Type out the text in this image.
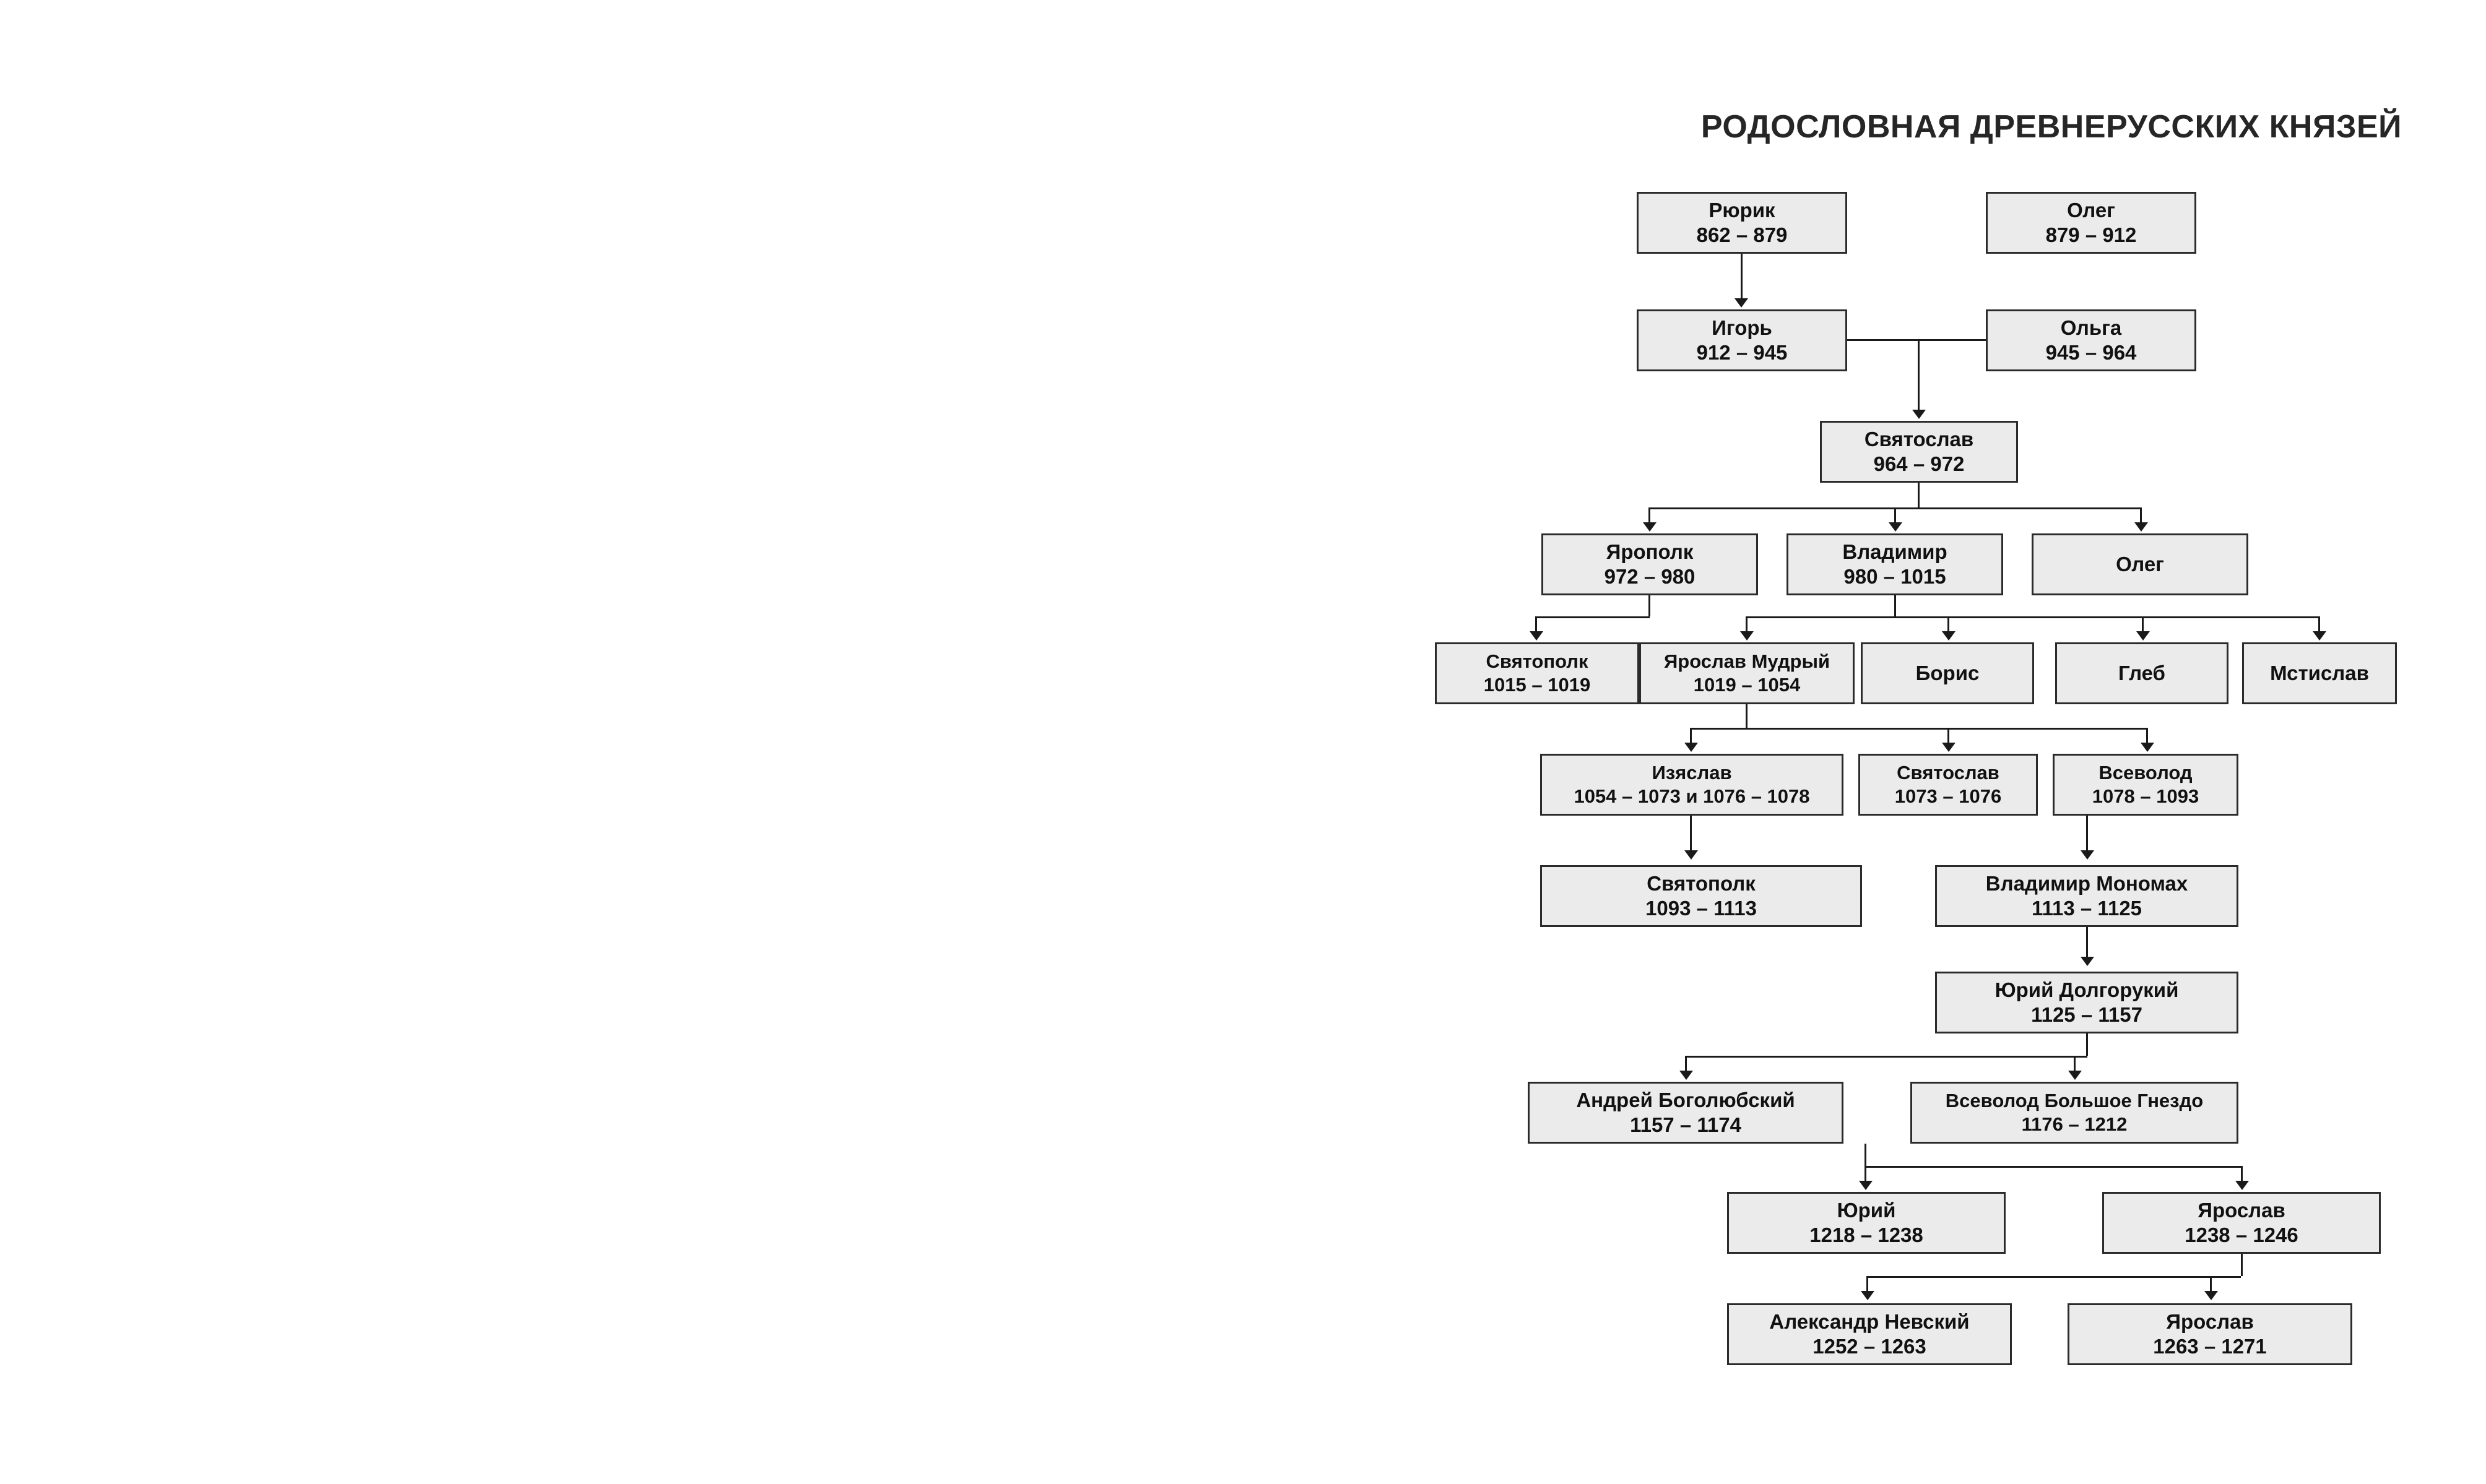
РОДОСЛОВНАЯ ДРЕВНЕРУССКИХ КНЯЗЕЙ
Рюрик
862 – 879
Олег
879 – 912
Игорь
912 – 945
Ольга
945 – 964
Святослав
964 – 972
Ярополк
972 – 980
Владимир
980 – 1015
Олег
Святополк
1015 – 1019
Ярослав Мудрый
1019 – 1054
Борис	Глеб	Мстислав
Изяслав
1054 – 1073 и 1076 – 1078
Святослав
1073 – 1076
Всеволод
1078 – 1093
Святополк
1093 – 1113
Владимир Мономах
1113 – 1125
Юрий Долгорукий
1125 – 1157
Андрей Боголюбский
1157 – 1174
Всеволод Большое Гнездо
1176 – 1212
Юрий
1218 – 1238
Ярослав
1238 – 1246
Александр Невский
1252 – 1263
Ярослав
1263 – 1271
